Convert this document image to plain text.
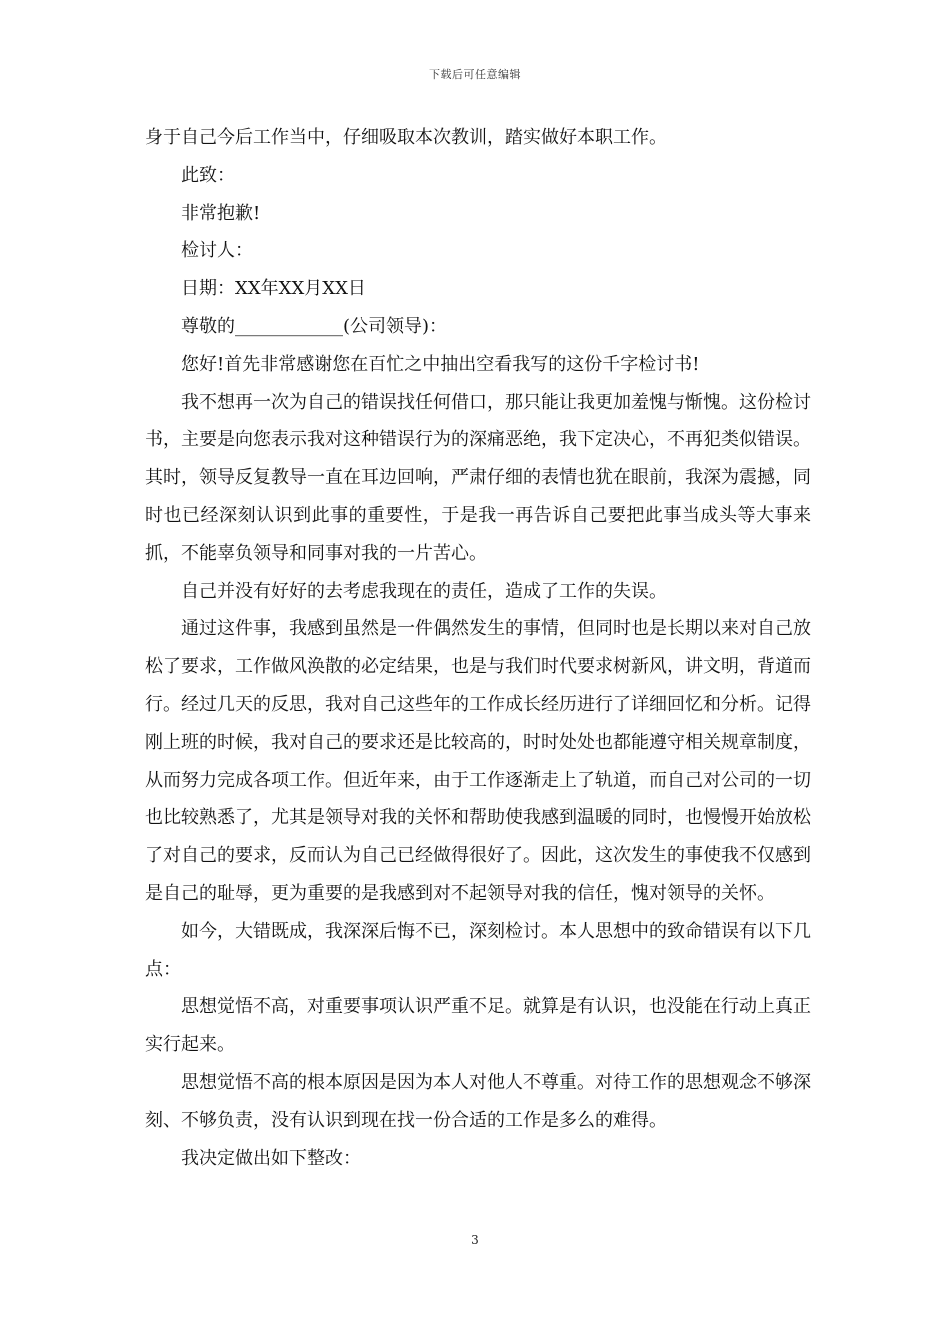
下载后可任意编辑

身于自己今后工作当中，仔细吸取本次教训，踏实做好本职工作。

此致：

非常抱歉!

检讨人：

日期：XX年XX月XX日

尊敬的____________(公司领导)：

您好!首先非常感谢您在百忙之中抽出空看我写的这份千字检讨书!

我不想再一次为自己的错误找任何借口，那只能让我更加羞愧与惭愧。这份检讨书，主要是向您表示我对这种错误行为的深痛恶绝，我下定决心，不再犯类似错误。其时，领导反复教导一直在耳边回响，严肃仔细的表情也犹在眼前，我深为震撼，同时也已经深刻认识到此事的重要性，于是我一再告诉自己要把此事当成头等大事来抓，不能辜负领导和同事对我的一片苦心。

自己并没有好好的去考虑我现在的责任，造成了工作的失误。

通过这件事，我感到虽然是一件偶然发生的事情，但同时也是长期以来对自己放松了要求，工作做风涣散的必定结果，也是与我们时代要求树新风，讲文明，背道而行。经过几天的反思，我对自己这些年的工作成长经历进行了详细回忆和分析。记得刚上班的时候，我对自己的要求还是比较高的，时时处处也都能遵守相关规章制度，从而努力完成各项工作。但近年来，由于工作逐渐走上了轨道，而自己对公司的一切也比较熟悉了，尤其是领导对我的关怀和帮助使我感到温暖的同时，也慢慢开始放松了对自己的要求，反而认为自己已经做得很好了。因此，这次发生的事使我不仅感到是自己的耻辱，更为重要的是我感到对不起领导对我的信任，愧对领导的关怀。

如今，大错既成，我深深后悔不已，深刻检讨。本人思想中的致命错误有以下几点：

思想觉悟不高，对重要事项认识严重不足。就算是有认识，也没能在行动上真正实行起来。

思想觉悟不高的根本原因是因为本人对他人不尊重。对待工作的思想观念不够深刻、不够负责，没有认识到现在找一份合适的工作是多么的难得。

我决定做出如下整改：

3
